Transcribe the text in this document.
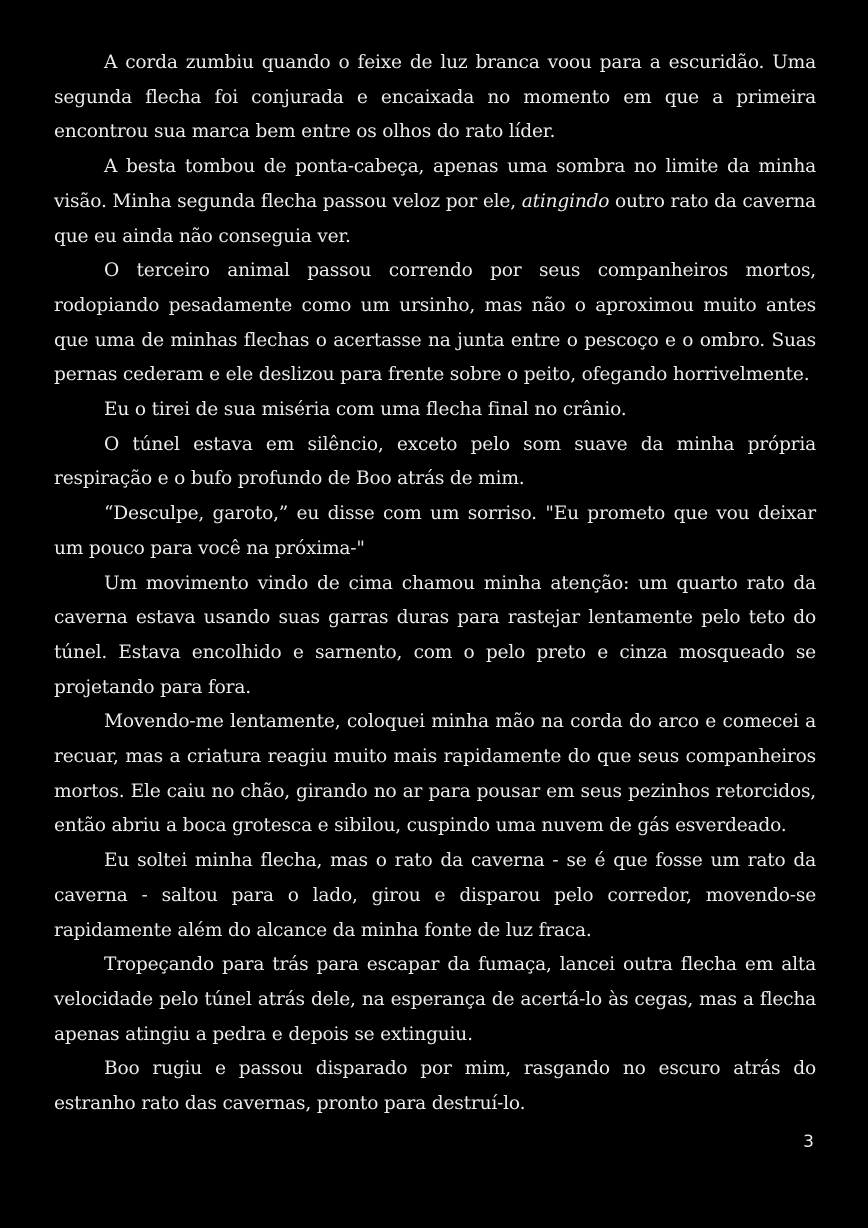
A corda zumbiu quando o feixe de luz branca voou para a escuridão. Uma segunda flecha foi conjurada e encaixada no momento em que a primeira encontrou sua marca bem entre os olhos do rato líder.

A besta tombou de ponta-cabeça, apenas uma sombra no limite da minha visão. Minha segunda flecha passou veloz por ele, atingindo outro rato da caverna que eu ainda não conseguia ver.

O terceiro animal passou correndo por seus companheiros mortos, rodopiando pesadamente como um ursinho, mas não o aproximou muito antes que uma de minhas flechas o acertasse na junta entre o pescoço e o ombro. Suas pernas cederam e ele deslizou para frente sobre o peito, ofegando horrivelmente.

Eu o tirei de sua miséria com uma flecha final no crânio.

O túnel estava em silêncio, exceto pelo som suave da minha própria respiração e o bufo profundo de Boo atrás de mim.

“Desculpe, garoto,” eu disse com um sorriso. "Eu prometo que vou deixar um pouco para você na próxima-"

Um movimento vindo de cima chamou minha atenção: um quarto rato da caverna estava usando suas garras duras para rastejar lentamente pelo teto do túnel. Estava encolhido e sarnento, com o pelo preto e cinza mosqueado se projetando para fora.

Movendo-me lentamente, coloquei minha mão na corda do arco e comecei a recuar, mas a criatura reagiu muito mais rapidamente do que seus companheiros mortos. Ele caiu no chão, girando no ar para pousar em seus pezinhos retorcidos, então abriu a boca grotesca e sibilou, cuspindo uma nuvem de gás esverdeado.

Eu soltei minha flecha, mas o rato da caverna - se é que fosse um rato da caverna - saltou para o lado, girou e disparou pelo corredor, movendo-se rapidamente além do alcance da minha fonte de luz fraca.

Tropeçando para trás para escapar da fumaça, lancei outra flecha em alta velocidade pelo túnel atrás dele, na esperança de acertá-lo às cegas, mas a flecha apenas atingiu a pedra e depois se extinguiu.

Boo rugiu e passou disparado por mim, rasgando no escuro atrás do estranho rato das cavernas, pronto para destruí-lo.

3
